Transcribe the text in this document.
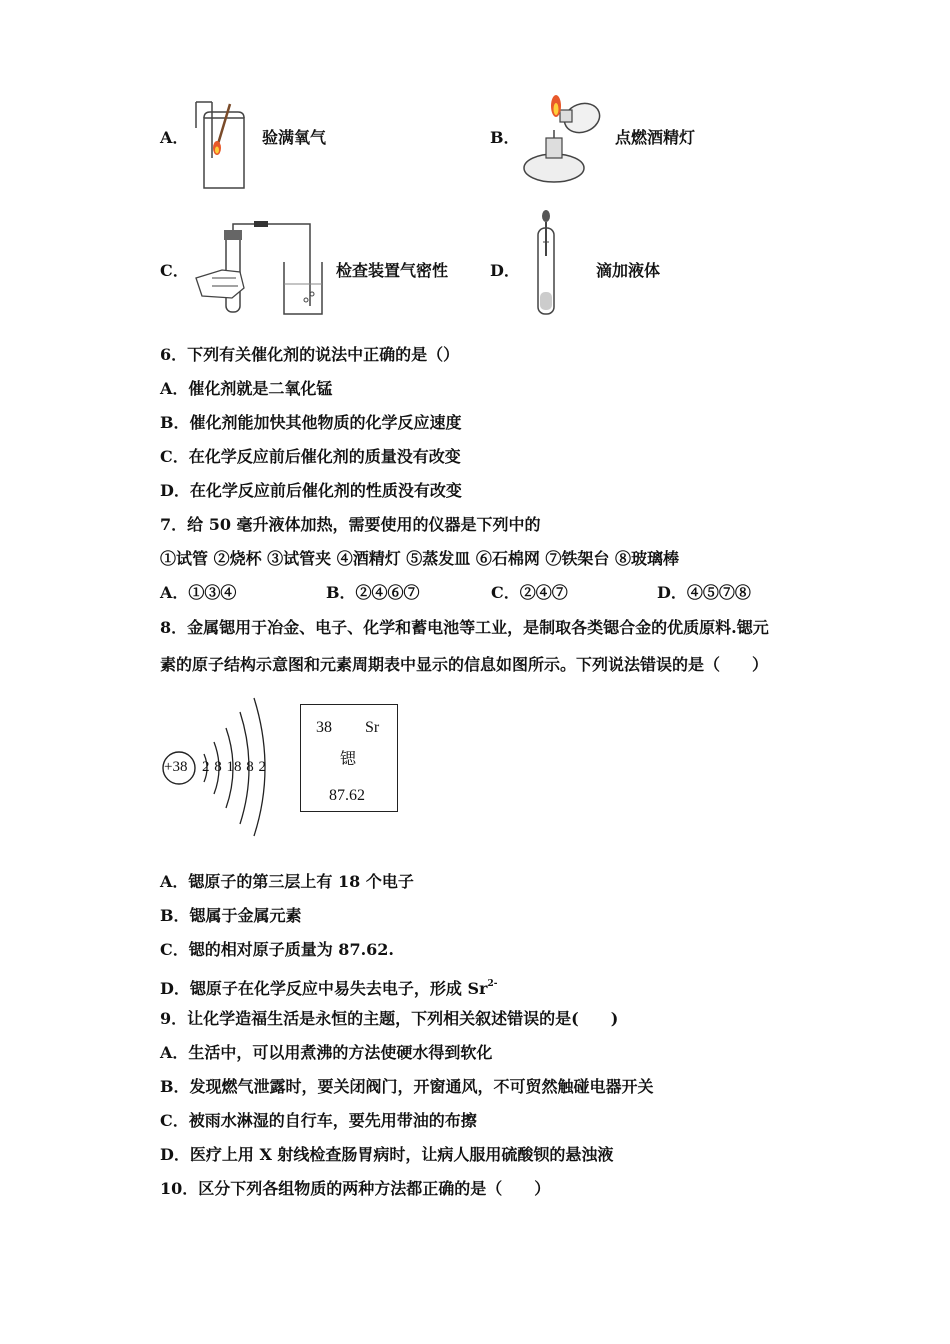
A．	验满氧气	B．	点燃酒精灯
C．	检查装置气密性	D．	滴加液体
6．下列有关催化剂的说法中正确的是（）
A．催化剂就是二氧化锰
B．催化剂能加快其他物质的化学反应速度
C．在化学反应前后催化剂的质量没有改变
D．在化学反应前后催化剂的性质没有改变
7．给 50 毫升液体加热，需要使用的仪器是下列中的
①试管 ②烧杯 ③试管夹 ④酒精灯 ⑤蒸发皿 ⑥石棉网 ⑦铁架台 ⑧玻璃棒
A．①③④	B．②④⑥⑦	C．②④⑦	D．④⑤⑦⑧
8．金属锶用于冶金、电子、化学和蓄电池等工业，是制取各类锶合金的优质原料.锶元
素的原子结构示意图和元素周期表中显示的信息如图所示。下列说法错误的是（　　）
+38 2 8 18 8 2
38 Sr
锶
87.62
A．锶原子的第三层上有 18 个电子
B．锶属于金属元素
C．锶的相对原子质量为 87.62.
D．锶原子在化学反应中易失去电子，形成 $Sr^{2-}$
9．让化学造福生活是永恒的主题，下列相关叙述错误的是(　　)
A．生活中，可以用煮沸的方法使硬水得到软化
B．发现燃气泄露时，要关闭阀门，开窗通风，不可贸然触碰电器开关
C．被雨水淋湿的自行车，要先用带油的布擦
D．医疗上用 X 射线检查肠胃病时，让病人服用硫酸钡的悬浊液
10．区分下列各组物质的两种方法都正确的是（　　）
